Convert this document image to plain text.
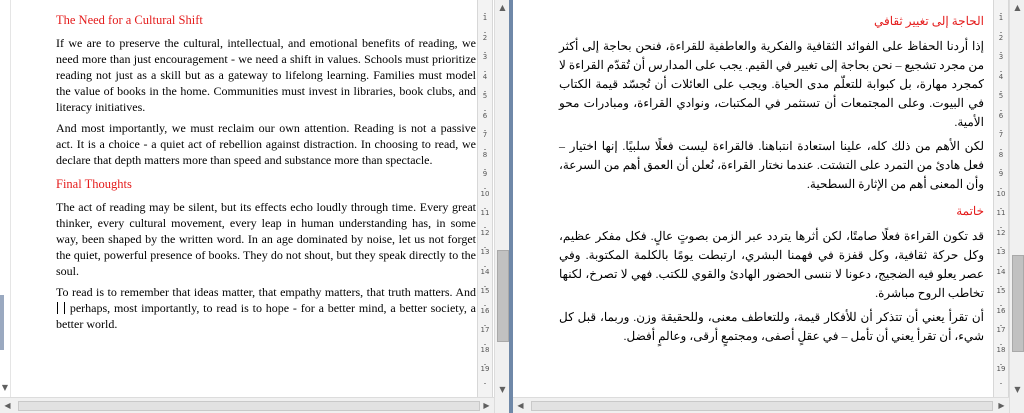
▼
The Need for a Cultural Shift

If we are to preserve the cultural, intellectual, and emotional benefits of reading, we need more than just encouragement - we need a shift in values. Schools must prioritize reading not just as a skill but as a gateway to lifelong learning. Families must model the value of books in the home. Communities must invest in libraries, book clubs, and literacy initiatives.

And most importantly, we must reclaim our own attention. Reading is not a passive act. It is a choice - a quiet act of rebellion against distraction. In choosing to read, we declare that depth matters more than speed and substance more than spectacle.

Final Thoughts

The act of reading may be silent, but its effects echo loudly through time. Every great thinker, every cultural movement, every leap in human understanding has, in some way, been shaped by the written word. In an age dominated by noise, let us not forget the quiet, powerful presence of books. They do not shout, but they speak directly to the soul.

To read is to remember that ideas matter, that empathy matters, that truth matters. And perhaps, most importantly, to read is to hope - for a better mind, a better society, a better world.

1
2
3
4
5
6
7
8
9
10
11
12
13
14
15
16
17
18
19
▲
▼
◀	▶
الحاجة إلى تغيير ثقافي

إذا أردنا الحفاظ على الفوائد الثقافية والفكرية والعاطفية للقراءة، فنحن بحاجة إلى أكثر من مجرد تشجيع – نحن بحاجة إلى تغيير في القيم. يجب على المدارس أن تُقدّم القراءة لا كمجرد مهارة، بل كبوابة للتعلّم مدى الحياة. ويجب على العائلات أن تُجسّد قيمة الكتاب في البيوت. وعلى المجتمعات أن تستثمر في المكتبات، ونوادي القراءة، ومبادرات محو الأمية.

لكن الأهم من ذلك كله، علينا استعادة انتباهنا. فالقراءة ليست فعلًا سلبيًا. إنها اختيار – فعل هادئ من التمرد على التشتت. عندما نختار القراءة، نُعلن أن العمق أهم من السرعة، وأن المعنى أهم من الإثارة السطحية.

خاتمة

قد تكون القراءة فعلًا صامتًا، لكن أثرها يتردد عبر الزمن بصوتٍ عالٍ. فكل مفكر عظيم، وكل حركة ثقافية، وكل قفزة في فهمنا البشري، ارتبطت يومًا بالكلمة المكتوبة. وفي عصر يعلو فيه الضجيج، دعونا لا ننسى الحضور الهادئ والقوي للكتب. فهي لا تصرخ، لكنها تخاطب الروح مباشرة.

أن تقرأ يعني أن تتذكر أن للأفكار قيمة، وللتعاطف معنى، وللحقيقة وزن. وربما، قبل كل شيء، أن تقرأ يعني أن تأمل – في عقلٍ أصفى، ومجتمعٍ أرقى، وعالمٍ أفضل.

1
2
3
4
5
6
7
8
9
10
11
12
13
14
15
16
17
18
19
▲
▼
◀	▶
